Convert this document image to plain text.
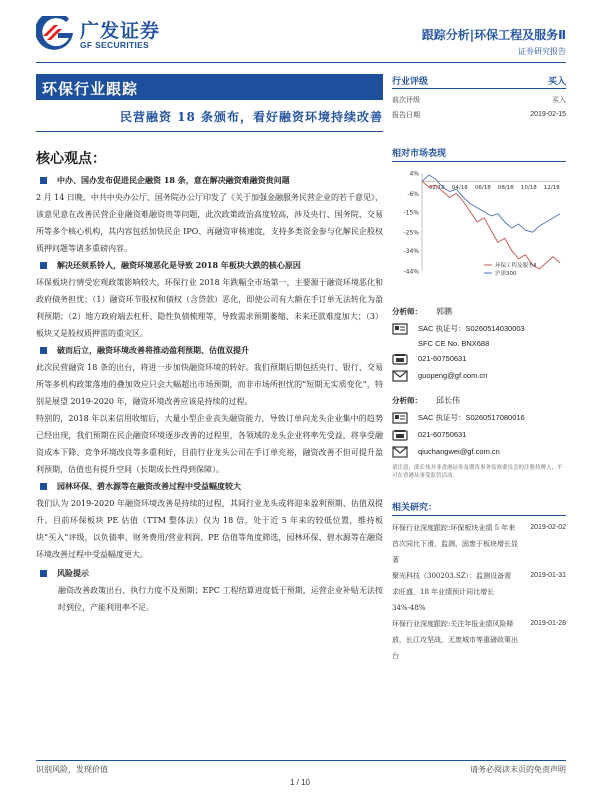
广发证券
GF SECURITIES
跟踪分析|环保工程及服务Ⅱ
证券研究报告
环保行业跟踪
民营融资 18 条颁布，看好融资环境持续改善
行业评级	买入
前次评级	买入
报告日期	2019-02-15
相对市场表现
4%
-6%
-15%
-25%
-34%
-44%
02/18 04/18 06/18 08/18 10/18 12/18
环保工程及服务Ⅱ
沪深300
分析师：	郭鹏
SAC 执证号：S0260514030003
SFC CE No. BNX688
021-60750631
guopeng@gf.com.cn
分析师：	邱长伟
SAC 执证号：S0260517080016
021-60750631
qiuchangwei@gf.com.cn
请注意，邱长伟并非香港证券及期货事务监察委员会的注册持牌人，不可在香港从事受监管活动。
相关研究：
环保行业深度跟踪:环保板块业绩 5 年来首次同比下滑，监测、固废于板块增长显著
2019-02-02
聚光科技（300203.SZ）：监测设备需求旺盛，18 年业绩预计同比增长 34%-48%
2019-01-31
环保行业深度跟踪:关注年报业绩风险释放，长江攻坚战，无废城市等重磅政策出台
2019-01-28
核心观点：
中办、国办发布促进民企融资 18 条，意在解决融资难融资贵问题
2 月 14 日晚，中共中央办公厅、国务院办公厅印发了《关于加强金融服务民营企业的若干意见》，该意见意在改善民营企业融资难融资贵等问题，此次政策政治高度较高，涉及央行、国务院、交易所等多个核心机构，其内容包括加快民企 IPO、再融资审核速度，支持多类资金参与化解民企股权质押问题等诸多重磅内容。
解决还须系铃人，融资环境恶化是导致 2018 年板块大跌的核心原因
环保板块行情受宏观政策影响较大，环保行业 2018 年跌幅全市场第一，主要源于融资环境恶化和政府债务担忧；（1）融资环节股权和债权（含贷款）恶化，即使公司有大额在手订单无法转化为盈利预期；（2）地方政府端去杠杆、隐性负债梳理等，导致需求预期萎缩、未来还款难度加大；（3）板块又是股权质押雷的重灾区。
破而后立，融资环境改善将推动盈利预期、估值双提升
此次民营融资 18 条的出台，将进一步加快融资环境的转好。我们预期后期包括央行、银行、交易所等多机构政策落地的叠加效应只会大幅超出市场预期，而非市场所担忧的“短期无实质变化”，特别是展望 2019-2020 年，融资环境改善应该是持续的过程。
特别的，2018 年以来信用收缩后，大量小型企业丧失融资能力，导致订单向龙头企业集中的趋势已经出现，我们预期在民企融资环境逐步改善的过程里，各领域的龙头企业将率先受益，将享受融资成本下降、竞争环境改良等多重利好，目前行业龙头公司在手订单充裕，融资改善不但可提升盈利预期，估值也有提升空间（长期成长性得到保障）。
园林环保、碧水源等在融资改善过程中受益幅度较大
我们认为 2019-2020 年融资环境改善是持续的过程，其间行业龙头或将迎来盈利预期、估值双提升。目前环保板块 PE 估值（TTM 整体法）仅为 18 倍，处于近 5 年来的较低位置，维持板块“买入”评级，以负债率、财务费用/营业利润、PE 估值等角度筛选，园林环保、碧水源等在融资环境改善过程中受益幅度更大。
风险提示
融资改善政策出台、执行力度不及预期；EPC 工程结算进度低于预期，运营企业补贴无法按时到位，产能利用率不足。
识别风险，发现价值	请务必阅读末页的免责声明
1 / 10
